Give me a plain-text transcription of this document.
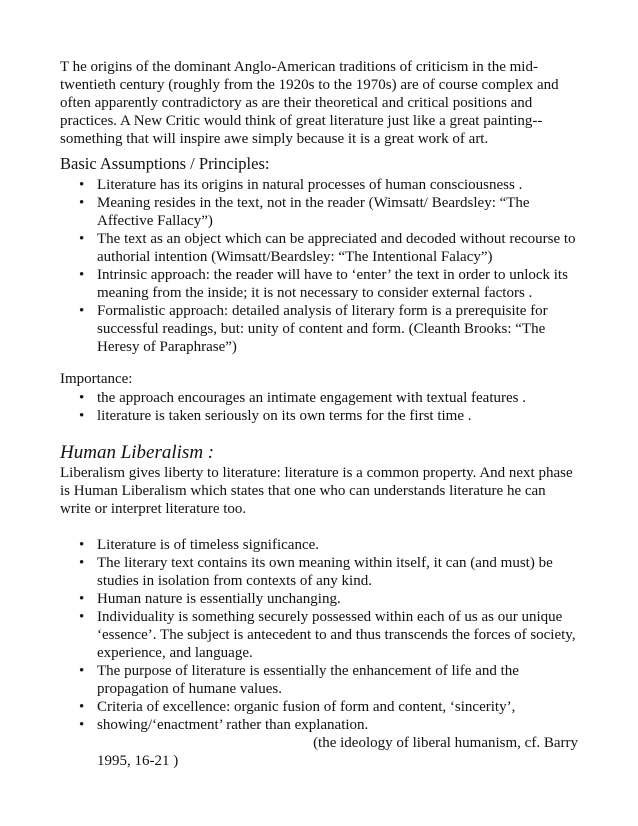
T he origins of the dominant Anglo-American traditions of criticism in the mid-twentieth century (roughly from the 1920s to the 1970s) are of course complex and often apparently contradictory as are their theoretical and critical positions and practices. A New Critic would think of great literature just like a great painting--something that will inspire awe simply because it is a great work of art.

Basic Assumptions / Principles:

• Literature has its origins in natural processes of human consciousness .
• Meaning resides in the text, not in the reader (Wimsatt/ Beardsley: “The Affective Fallacy”)
• The text as an object which can be appreciated and decoded without recourse to authorial intention (Wimsatt/Beardsley: “The Intentional Falacy”)
• Intrinsic approach: the reader will have to ‘enter’ the text in order to unlock its meaning from the inside; it is not necessary to consider external factors .
• Formalistic approach: detailed analysis of literary form is a prerequisite for successful readings, but: unity of content and form. (Cleanth Brooks: “The Heresy of Paraphrase”)

Importance:

• the approach encourages an intimate engagement with textual features .
• literature is taken seriously on its own terms for the first time .

Human Liberalism :

Liberalism gives liberty to literature: literature is a common property. And next phase is Human Liberalism which states that one who can understands literature he can write or interpret literature too.

• Literature is of timeless significance.
• The literary text contains its own meaning within itself, it can (and must) be studies in isolation from contexts of any kind.
• Human nature is essentially unchanging.
• Individuality is something securely possessed within each of us as our unique ‘essence’. The subject is antecedent to and thus transcends the forces of society, experience, and language.
• The purpose of literature is essentially the enhancement of life and the propagation of humane values.
• Criteria of excellence: organic fusion of form and content, ‘sincerity’,
• showing/‘enactment’ rather than explanation.

(the ideology of liberal humanism, cf. Barry

1995, 16-21 )
